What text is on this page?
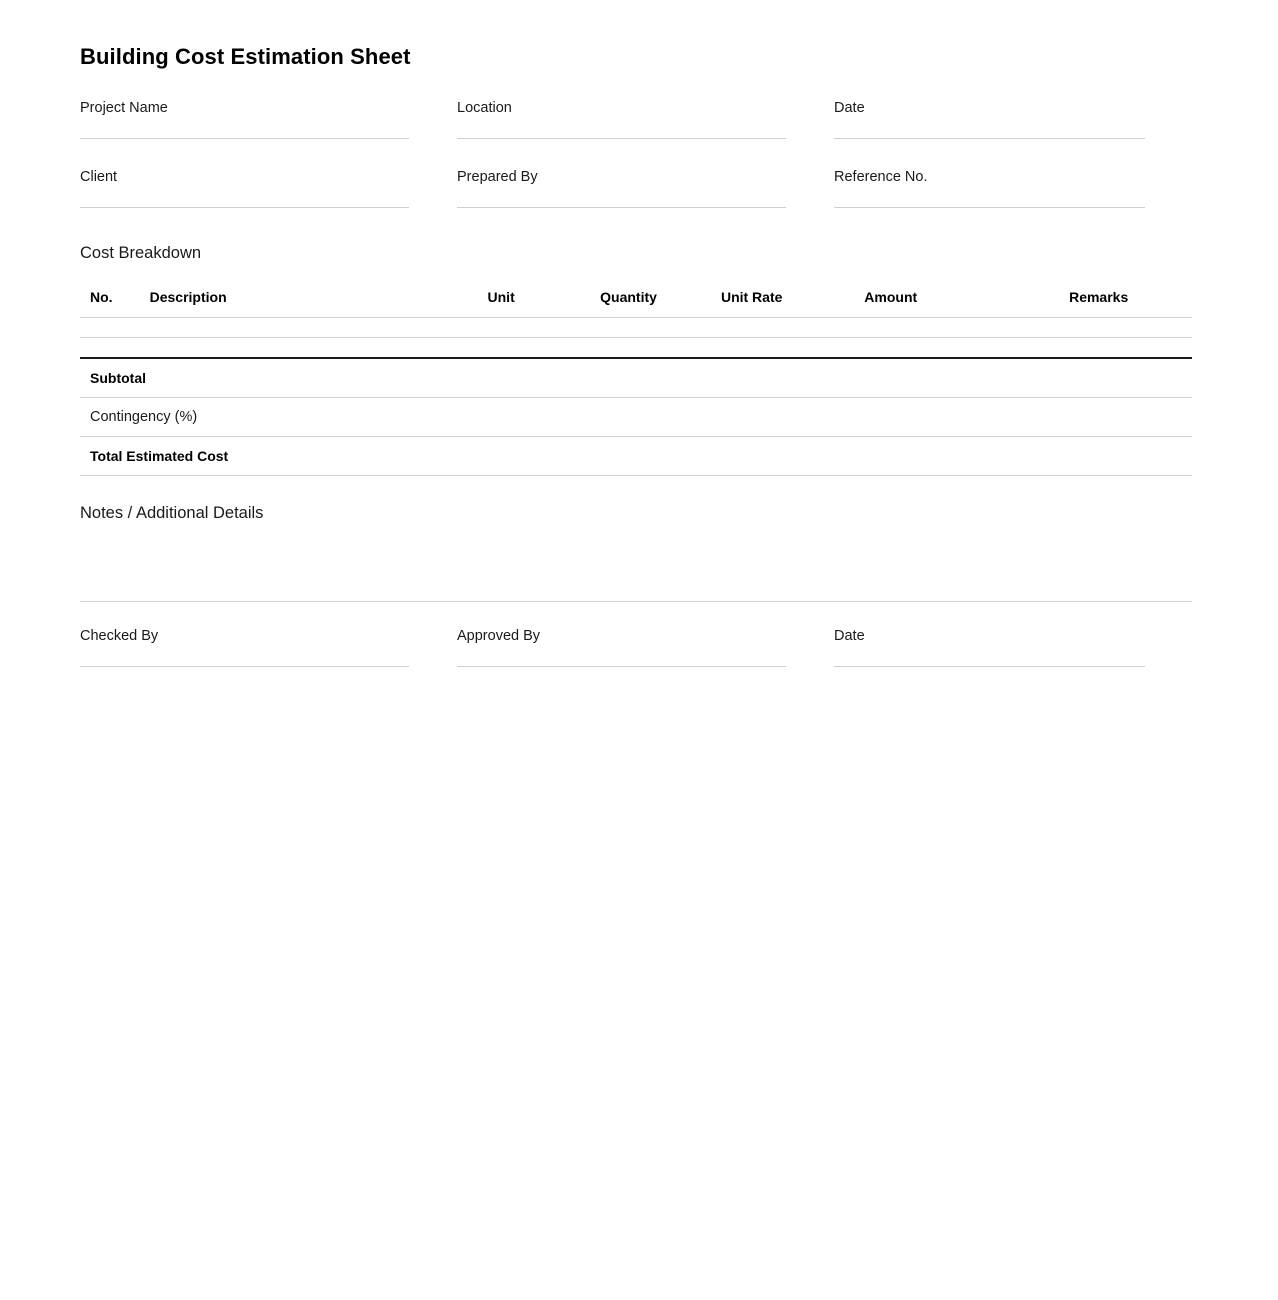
Building Cost Estimation Sheet
Project Name	Location	Date
Client	Prepared By	Reference No.
Cost Breakdown
No.	Description	Unit	Quantity	Unit Rate	Amount	Remarks

Subtotal	
Contingency (%)	
Total Estimated Cost	
Notes / Additional Details
Checked By	Approved By	Date
